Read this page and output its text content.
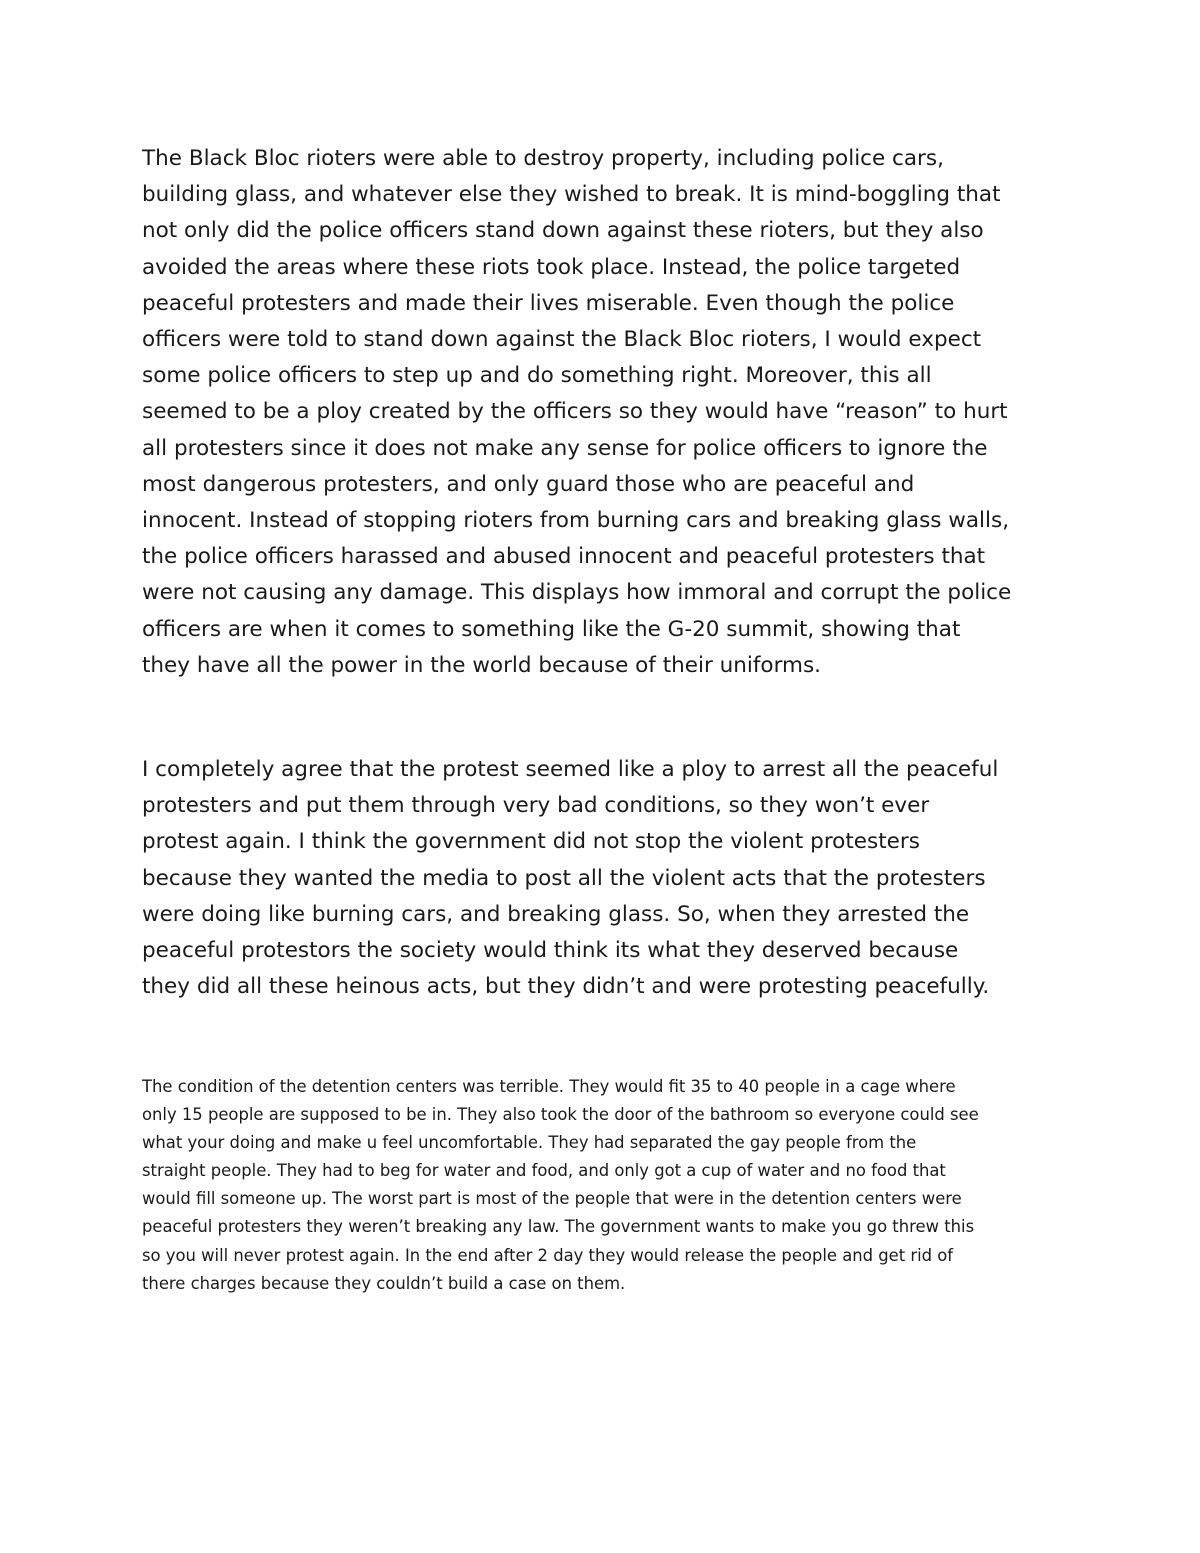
The Black Bloc rioters were able to destroy property, including police cars,
building glass, and whatever else they wished to break. It is mind-boggling that
not only did the police officers stand down against these rioters, but they also
avoided the areas where these riots took place. Instead, the police targeted
peaceful protesters and made their lives miserable. Even though the police
officers were told to stand down against the Black Bloc rioters, I would expect
some police officers to step up and do something right. Moreover, this all
seemed to be a ploy created by the officers so they would have “reason” to hurt
all protesters since it does not make any sense for police officers to ignore the
most dangerous protesters, and only guard those who are peaceful and
innocent. Instead of stopping rioters from burning cars and breaking glass walls,
the police officers harassed and abused innocent and peaceful protesters that
were not causing any damage. This displays how immoral and corrupt the police
officers are when it comes to something like the G-20 summit, showing that
they have all the power in the world because of their uniforms.
I completely agree that the protest seemed like a ploy to arrest all the peaceful
protesters and put them through very bad conditions, so they won’t ever
protest again. I think the government did not stop the violent protesters
because they wanted the media to post all the violent acts that the protesters
were doing like burning cars, and breaking glass. So, when they arrested the
peaceful protestors the society would think its what they deserved because
they did all these heinous acts, but they didn’t and were protesting peacefully.
The condition of the detention centers was terrible. They would fit 35 to 40 people in a cage where
only 15 people are supposed to be in. They also took the door of the bathroom so everyone could see
what your doing and make u feel uncomfortable. They had separated the gay people from the
straight people. They had to beg for water and food, and only got a cup of water and no food that
would fill someone up. The worst part is most of the people that were in the detention centers were
peaceful protesters they weren’t breaking any law. The government wants to make you go threw this
so you will never protest again. In the end after 2 day they would release the people and get rid of
there charges because they couldn’t build a case on them.
